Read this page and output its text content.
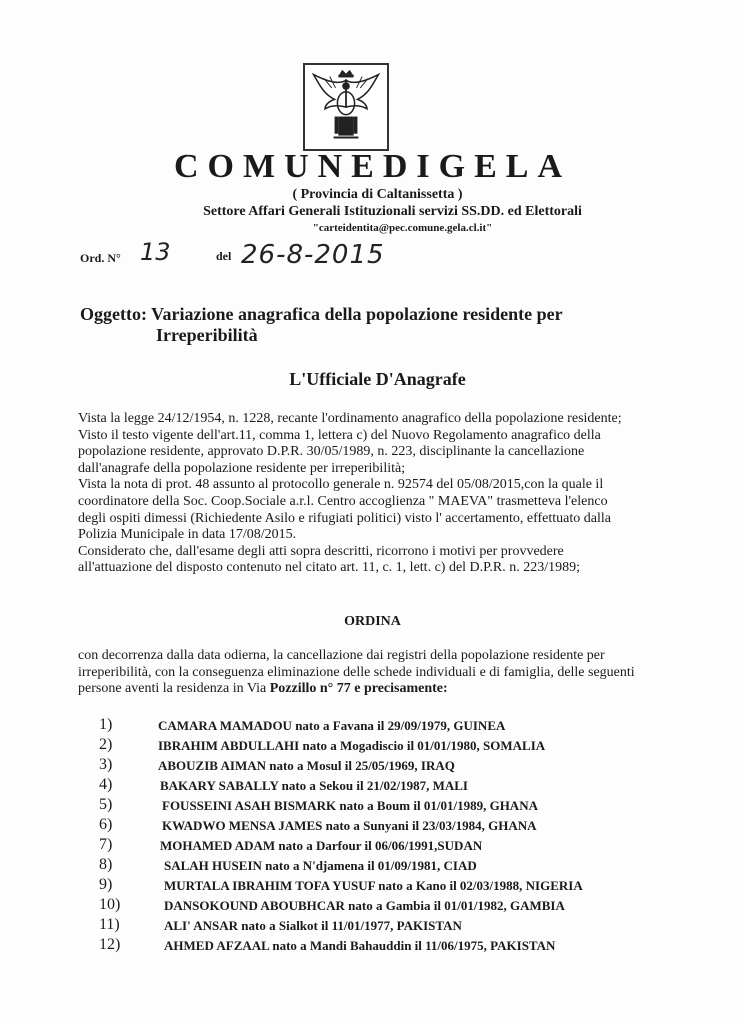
COMUNEDIGELA
( Provincia di Caltanissetta )
Settore Affari Generali Istituzionali servizi SS.DD. ed Elettorali
"carteidentita@pec.comune.gela.cl.it"
Ord. N° 13	del 26-8-2015
Oggetto: Variazione anagrafica della popolazione residente per
Irreperibilità
L'Ufficiale D'Anagrafe

Vista la legge 24/12/1954, n. 1228, recante l'ordinamento anagrafico della popolazione residente;

Visto il testo vigente dell'art.11, comma 1, lettera c) del Nuovo Regolamento anagrafico della

popolazione residente, approvato D.P.R. 30/05/1989, n. 223, disciplinante la cancellazione

dall'anagrafe della popolazione residente per irreperibilità;

Vista la nota di prot. 48 assunto al protocollo generale n. 92574 del 05/08/2015,con la quale il

coordinatore della Soc. Coop.Sociale a.r.l. Centro accoglienza " MAEVA" trasmetteva l'elenco

degli ospiti dimessi (Richiedente Asilo e rifugiati politici) visto l' accertamento, effettuato dalla

Polizia Municipale in data 17/08/2015.

Considerato che, dall'esame degli atti sopra descritti, ricorrono i motivi per provvedere

all'attuazione del disposto contenuto nel citato art. 11, c. 1, lett. c) del D.P.R. n. 223/1989;

ORDINA

con decorrenza dalla data odierna, la cancellazione dai registri della popolazione residente per

irreperibilità, con la conseguenza eliminazione delle schede individuali e di famiglia, delle seguenti

persone aventi la residenza in Via Pozzillo n° 77 e precisamente:

1)	CAMARA MAMADOU nato a Favana il 29/09/1979, GUINEA
2)	IBRAHIM ABDULLAHI nato a Mogadiscio il 01/01/1980, SOMALIA
3)	ABOUZIB AIMAN nato a Mosul il 25/05/1969, IRAQ
4)	BAKARY SABALLY nato a Sekou il 21/02/1987, MALI
5)	FOUSSEINI ASAH BISMARK nato a Boum il 01/01/1989, GHANA
6)	KWADWO MENSA JAMES nato a Sunyani il 23/03/1984, GHANA
7)	MOHAMED ADAM nato a Darfour il 06/06/1991,SUDAN
8)	SALAH HUSEIN nato a N'djamena il 01/09/1981, CIAD
9)	MURTALA IBRAHIM TOFA YUSUF nato a Kano il 02/03/1988, NIGERIA
10)	DANSOKOUND ABOUBHCAR nato a Gambia il 01/01/1982, GAMBIA
11)	ALI' ANSAR nato a Sialkot il 11/01/1977, PAKISTAN
12)	AHMED AFZAAL nato a Mandi Bahauddin il 11/06/1975, PAKISTAN
